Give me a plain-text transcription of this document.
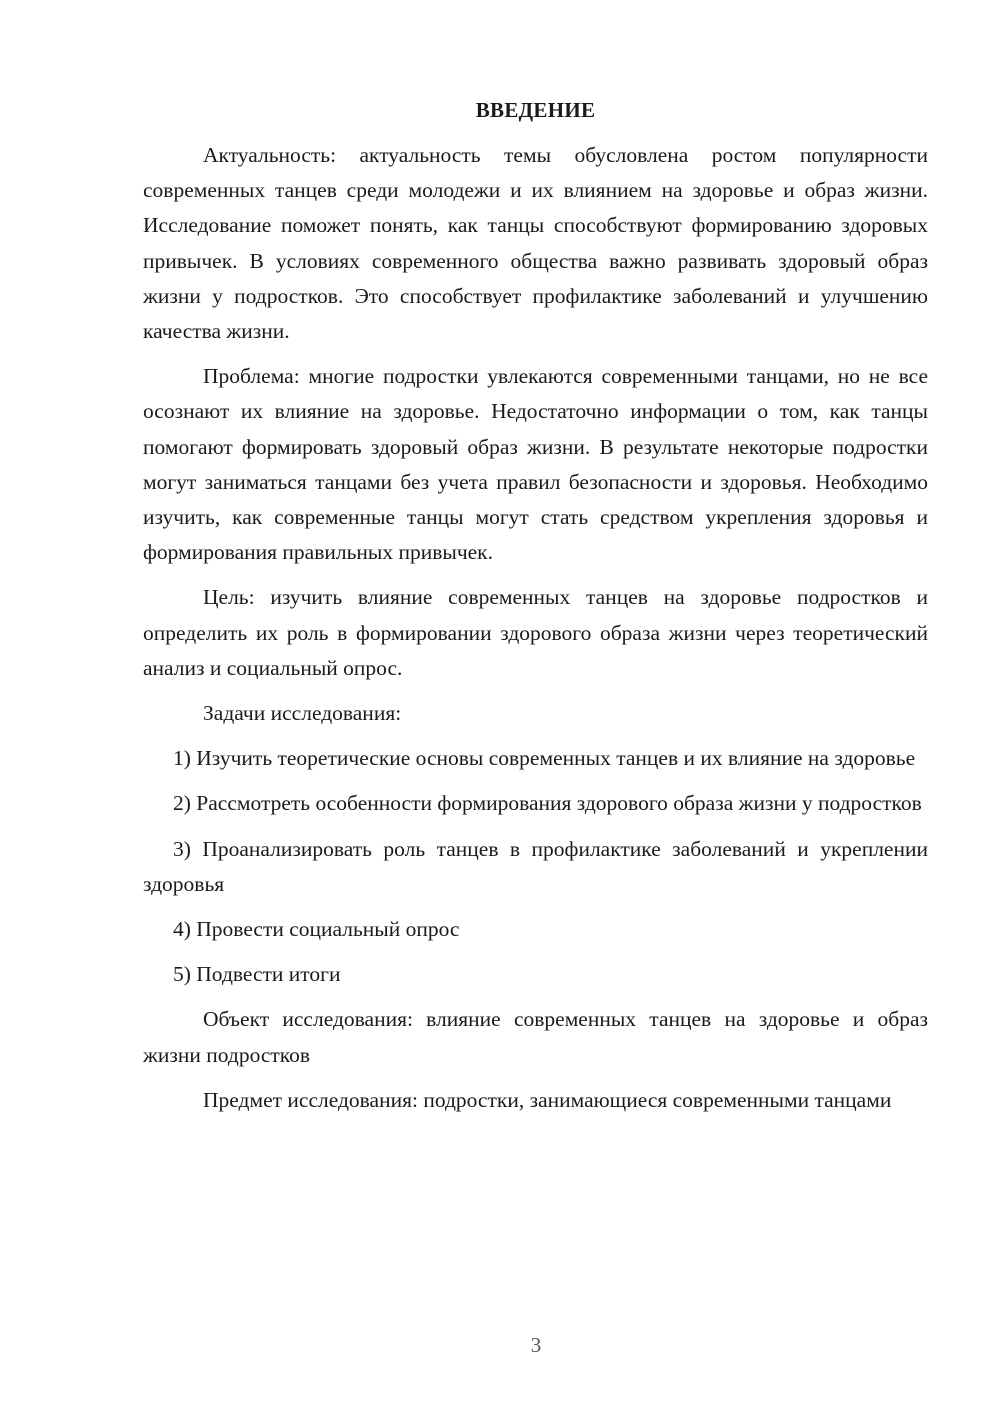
ВВЕДЕНИЕ

Актуальность: актуальность темы обусловлена ростом популярности современных танцев среди молодежи и их влиянием на здоровье и образ жизни. Исследование поможет понять, как танцы способствуют формированию здоровых привычек. В условиях современного общества важно развивать здоровый образ жизни у подростков. Это способствует профилактике заболеваний и улучшению качества жизни.

Проблема: многие подростки увлекаются современными танцами, но не все осознают их влияние на здоровье. Недостаточно информации о том, как танцы помогают формировать здоровый образ жизни. В результате некоторые подростки могут заниматься танцами без учета правил безопасности и здоровья. Необходимо изучить, как современные танцы могут стать средством укрепления здоровья и формирования правильных привычек.

Цель: изучить влияние современных танцев на здоровье подростков и определить их роль в формировании здорового образа жизни через теоретический анализ и социальный опрос.

Задачи исследования:

1) Изучить теоретические основы современных танцев и их влияние на здоровье

2) Рассмотреть особенности формирования здорового образа жизни у подростков

3) Проанализировать роль танцев в профилактике заболеваний и укреплении здоровья

4) Провести социальный опрос

5) Подвести итоги

Объект исследования: влияние современных танцев на здоровье и образ жизни подростков

Предмет исследования: подростки, занимающиеся современными танцами

3
